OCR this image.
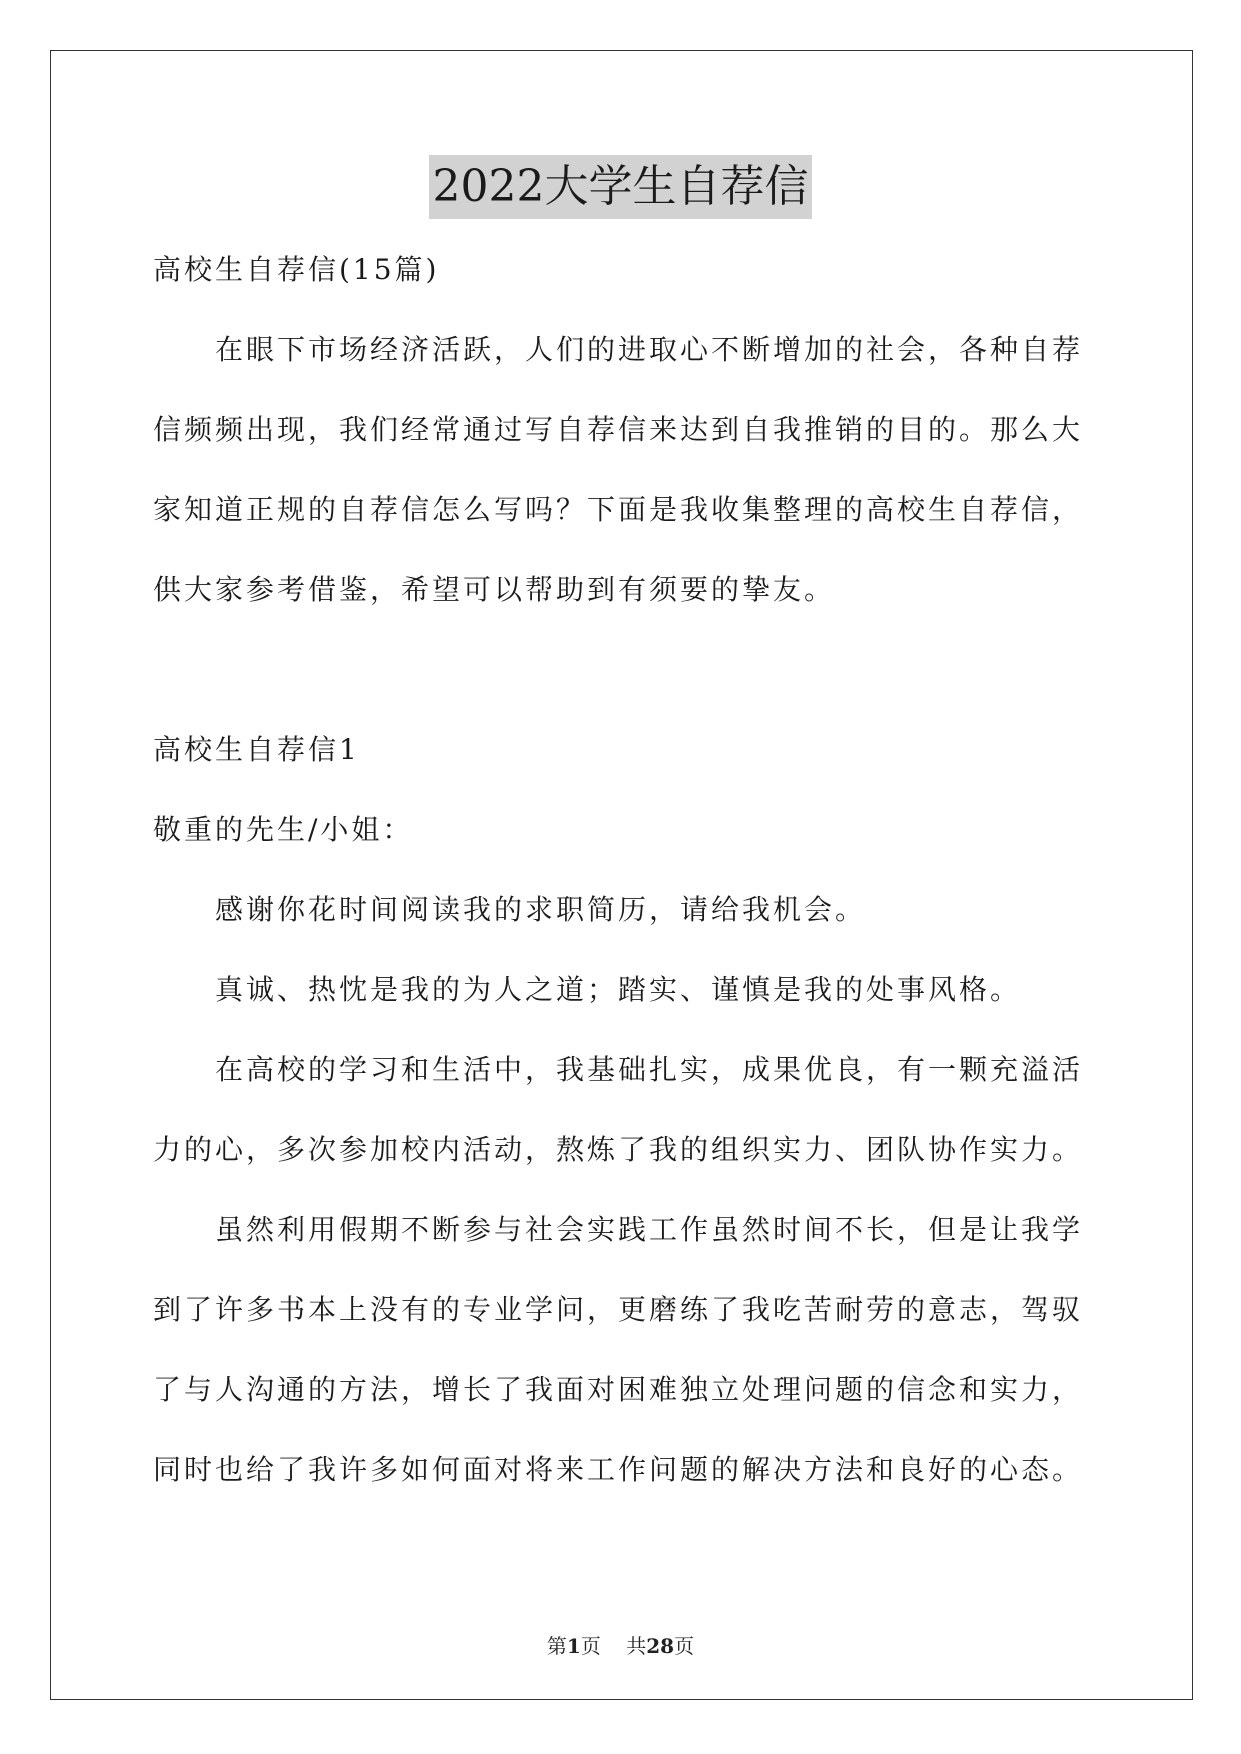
2022大学生自荐信
高校生自荐信(15篇)
在眼下市场经济活跃，人们的进取心不断增加的社会，各种自荐
信频频出现，我们经常通过写自荐信来达到自我推销的目的。那么大
家知道正规的自荐信怎么写吗？下面是我收集整理的高校生自荐信，
供大家参考借鉴，希望可以帮助到有须要的挚友。
高校生自荐信1
敬重的先生/小姐：
感谢你花时间阅读我的求职简历，请给我机会。
真诚、热忱是我的为人之道；踏实、谨慎是我的处事风格。
在高校的学习和生活中，我基础扎实，成果优良，有一颗充溢活
力的心，多次参加校内活动，熬炼了我的组织实力、团队协作实力。
虽然利用假期不断参与社会实践工作虽然时间不长，但是让我学
到了许多书本上没有的专业学问，更磨练了我吃苦耐劳的意志，驾驭
了与人沟通的方法，增长了我面对困难独立处理问题的信念和实力，
同时也给了我许多如何面对将来工作问题的解决方法和良好的心态。
第1页 共28页
